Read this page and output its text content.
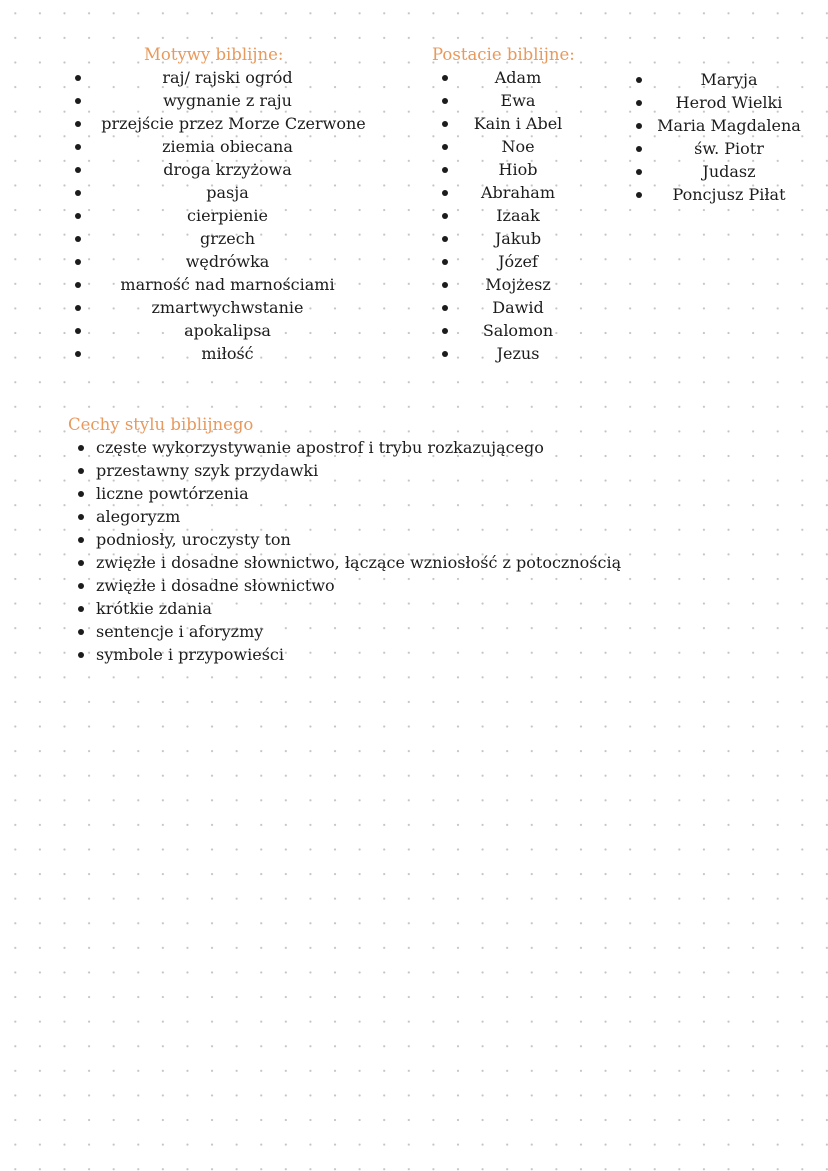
Motywy biblijne:
raj/ rajski ogród
wygnanie z raju
przejście przez Morze Czerwone
ziemia obiecana
droga krzyżowa
pasja
cierpienie
grzech
wędrówka
marność nad marnościami
zmartwychwstanie
apokalipsa
miłość
Postacie biblijne:
Adam
Ewa
Kain i Abel
Noe
Hiob
Abraham
Izaak
Jakub
Józef
Mojżesz
Dawid
Salomon
Jezus
Maryja
Herod Wielki
Maria Magdalena
św. Piotr
Judasz
Poncjusz Piłat
Cechy stylu biblijnego
częste wykorzystywanie apostrof i trybu rozkazującego
przestawny szyk przydawki
liczne powtórzenia
alegoryzm
podniosły, uroczysty ton
zwięzłe i dosadne słownictwo, łączące wzniosłość z potocznością
zwięzłe i dosadne słownictwo
krótkie zdania
sentencje i aforyzmy
symbole i przypowieści
